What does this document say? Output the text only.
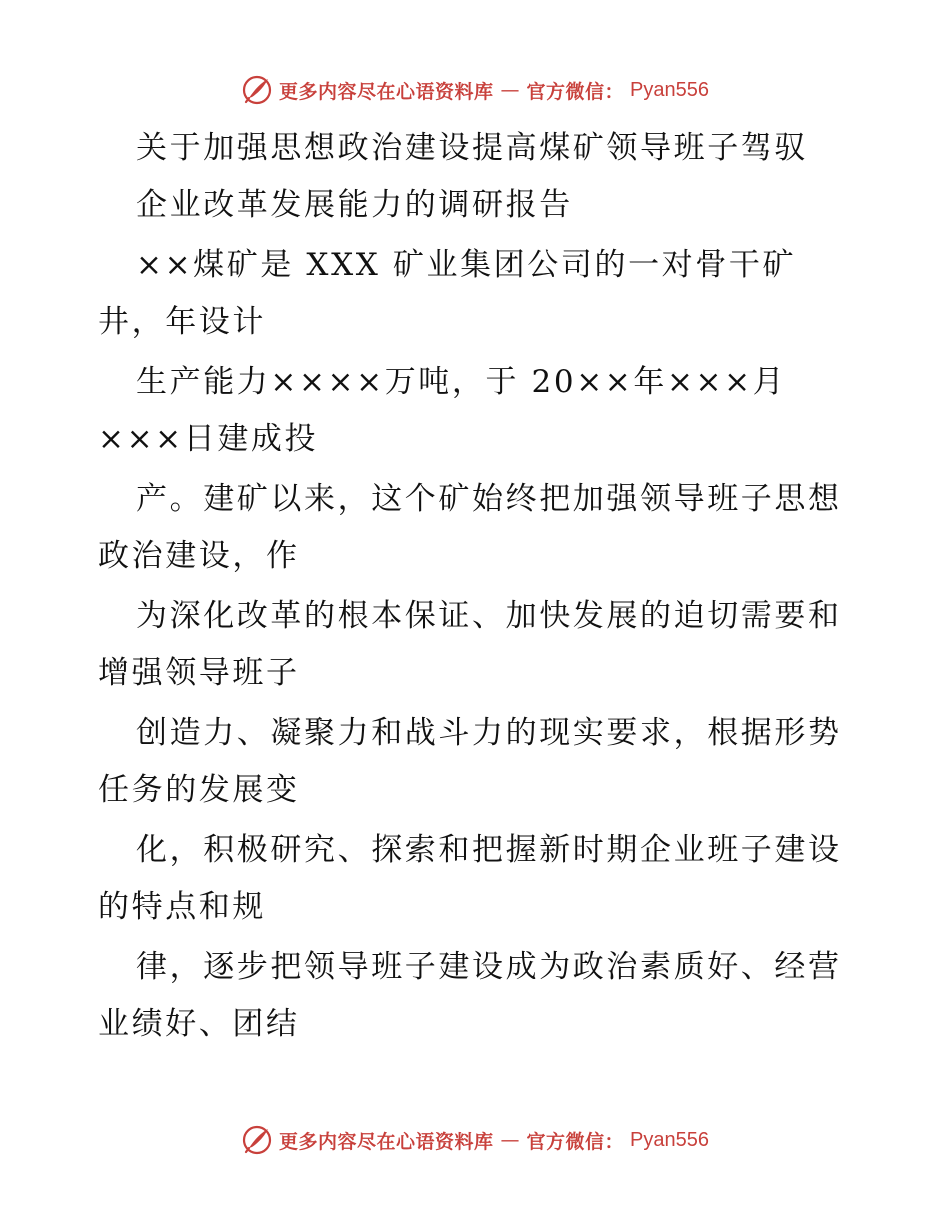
更多内容尽在心语资料库 — 官方微信： Pyan556
关于加强思想政治建设提高煤矿领导班子驾驭
企业改革发展能力的调研报告
××煤矿是 XXX 矿业集团公司的一对骨干矿
井，年设计
生产能力××××万吨，于 20××年×××月
×××日建成投
产。建矿以来，这个矿始终把加强领导班子思想
政治建设，作
为深化改革的根本保证、加快发展的迫切需要和
增强领导班子
创造力、凝聚力和战斗力的现实要求，根据形势
任务的发展变
化，积极研究、探索和把握新时期企业班子建设
的特点和规
律，逐步把领导班子建设成为政治素质好、经营
业绩好、团结
更多内容尽在心语资料库 — 官方微信： Pyan556
